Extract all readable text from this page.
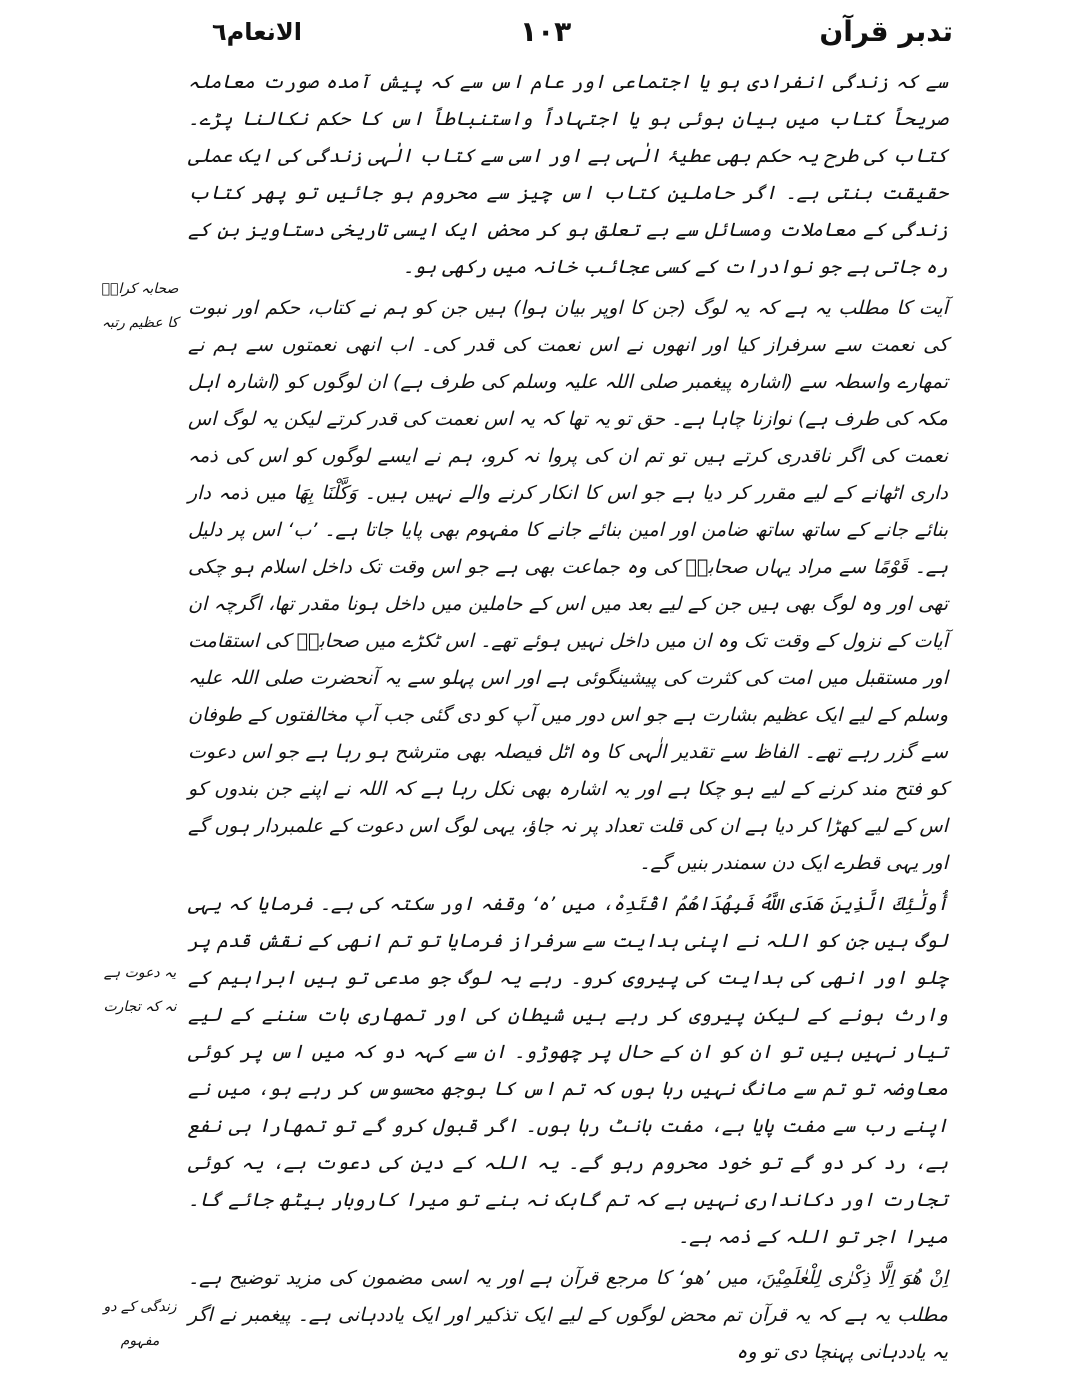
تدبر قرآن
١٠٣
الانعام٦

سے کہ زندگی انفرادی ہو یا اجتماعی اور عام اس سے کہ پیش آمدہ صورت معاملہ صریحاً کتاب میں بیان ہوئی ہو یا اجتہاداً واستنباطاً اس کا حکم نکالنا پڑے۔ کتاب کی طرح یہ حکم بھی عطیۂ الٰہی ہے اور اسی سے کتاب الٰہی زندگی کی ایک عملی حقیقت بنتی ہے۔ اگر حاملین کتاب اس چیز سے محروم ہو جائیں تو پھر کتاب زندگی کے معاملات ومسائل سے بے تعلق ہو کر محض ایک ایسی تاریخی دستاویز بن کے رہ جاتی ہے جو نوادرات کے کسی عجائب خانہ میں رکھی ہو۔

آیت کا مطلب یہ ہے کہ یہ لوگ (جن کا اوپر بیان ہوا) ہیں جن کو ہم نے کتاب، حکم اور نبوت کی نعمت سے سرفراز کیا اور انھوں نے اس نعمت کی قدر کی۔ اب انھی نعمتوں سے ہم نے تمھارے واسطہ سے (اشارہ پیغمبر صلی اللہ علیہ وسلم کی طرف ہے) ان لوگوں کو (اشارہ اہل مکہ کی طرف ہے) نوازنا چاہا ہے۔ حق تو یہ تھا کہ یہ اس نعمت کی قدر کرتے لیکن یہ لوگ اس نعمت کی اگر ناقدری کرتے ہیں تو تم ان کی پروا نہ کرو، ہم نے ایسے لوگوں کو اس کی ذمہ داری اٹھانے کے لیے مقرر کر دیا ہے جو اس کا انکار کرنے والے نہیں ہیں۔ وَکَّلْنَا بِهَا میں ذمہ دار بنائے جانے کے ساتھ ساتھ ضامن اور امین بنائے جانے کا مفہوم بھی پایا جاتا ہے۔ ’ب‘ اس پر دلیل ہے۔ قَوْمًا سے مراد یہاں صحابہؓ کی وہ جماعت بھی ہے جو اس وقت تک داخل اسلام ہو چکی تھی اور وہ لوگ بھی ہیں جن کے لیے بعد میں اس کے حاملین میں داخل ہونا مقدر تھا، اگرچہ ان آیات کے نزول کے وقت تک وہ ان میں داخل نہیں ہوئے تھے۔ اس ٹکڑے میں صحابہؓ کی استقامت اور مستقبل میں امت کی کثرت کی پیشینگوئی ہے اور اس پہلو سے یہ آنحضرت صلی اللہ علیہ وسلم کے لیے ایک عظیم بشارت ہے جو اس دور میں آپ کو دی گئی جب آپ مخالفتوں کے طوفان سے گزر رہے تھے۔ الفاظ سے تقدیر الٰہی کا وہ اٹل فیصلہ بھی مترشح ہو رہا ہے جو اس دعوت کو فتح مند کرنے کے لیے ہو چکا ہے اور یہ اشارہ بھی نکل رہا ہے کہ اللہ نے اپنے جن بندوں کو اس کے لیے کھڑا کر دیا ہے ان کی قلت تعداد پر نہ جاؤ، یہی لوگ اس دعوت کے علمبردار ہوں گے اور یہی قطرے ایک دن سمندر بنیں گے۔

أُولَٰئِكَ الَّذِينَ هَدَى اللَّهُ فَبِهُدَاهُمُ اقْتَدِهْ، میں ’ہ‘ وقفہ اور سکتہ کی ہے۔ فرمایا کہ یہی لوگ ہیں جن کو اللہ نے اپنی ہدایت سے سرفراز فرمایا تو تم انھی کے نقش قدم پر چلو اور انھی کی ہدایت کی پیروی کرو۔ رہے یہ لوگ جو مدعی تو ہیں ابراہیم کے وارث ہونے کے لیکن پیروی کر رہے ہیں شیطان کی اور تمھاری بات سننے کے لیے تیار نہیں ہیں تو ان کو ان کے حال پر چھوڑو۔ ان سے کہہ دو کہ میں اس پر کوئی معاوضہ تو تم سے مانگ نہیں رہا ہوں کہ تم اس کا بوجھ محسوس کر رہے ہو، میں نے اپنے رب سے مفت پایا ہے، مفت بانٹ رہا ہوں۔ اگر قبول کرو گے تو تمھارا ہی نفع ہے، رد کر دو گے تو خود محروم رہو گے۔ یہ اللہ کے دین کی دعوت ہے، یہ کوئی تجارت اور دکانداری نہیں ہے کہ تم گاہک نہ بنے تو میرا کاروبار بیٹھ جائے گا۔ میرا اجر تو اللہ کے ذمہ ہے۔

اِنْ هُوَ اِلَّا ذِكْرٰى لِلْعٰلَمِيْنَ، میں ’ھو‘ کا مرجع قرآن ہے اور یہ اسی مضمون کی مزید توضیح ہے۔ مطلب یہ ہے کہ یہ قرآن تم محض لوگوں کے لیے ایک تذکیر اور ایک یاددہانی ہے۔ پیغمبر نے اگر یہ یاددہانی پہنچا دی تو وہ

صحابہ کرامؓ کا عظیم رتبہ
یہ دعوت ہے نہ کہ تجارت
زندگی کے دو مفہوم
